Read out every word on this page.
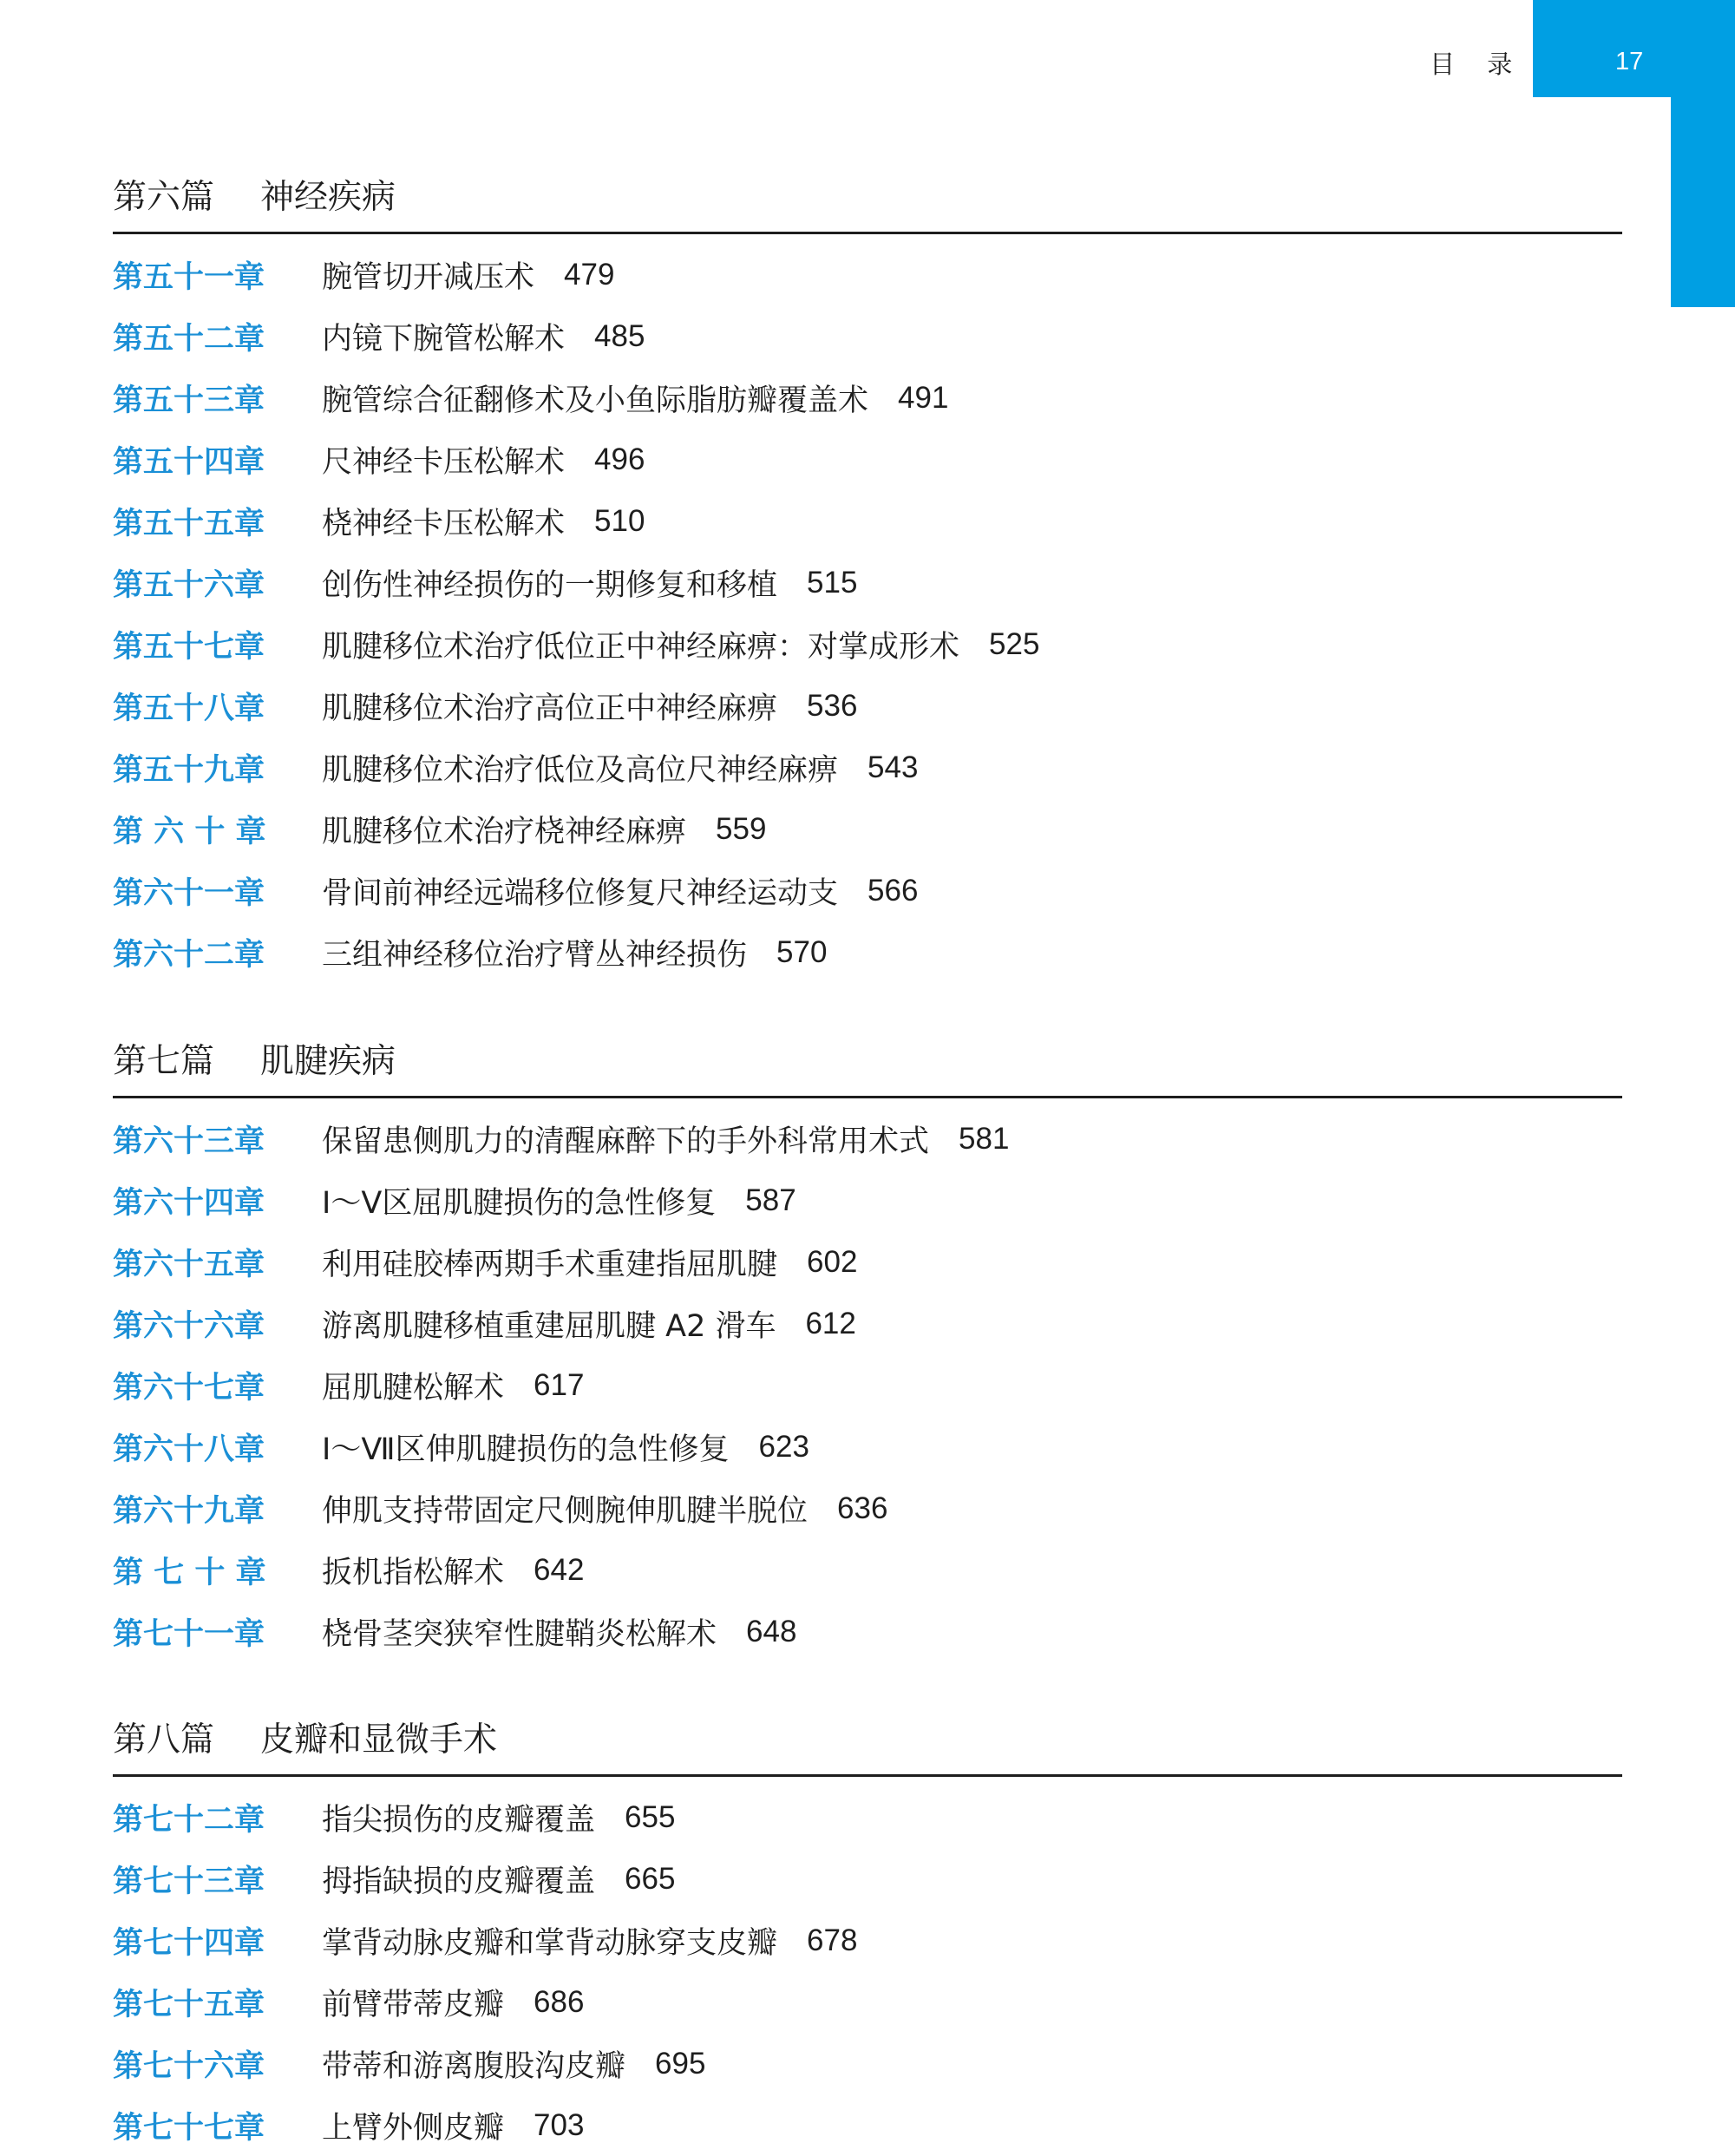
目 录	17
第六篇 神经疾病
第五十一章	腕管切开减压术 479
第五十二章	内镜下腕管松解术 485
第五十三章	腕管综合征翻修术及小鱼际脂肪瓣覆盖术 491
第五十四章	尺神经卡压松解术 496
第五十五章	桡神经卡压松解术 510
第五十六章	创伤性神经损伤的一期修复和移植 515
第五十七章	肌腱移位术治疗低位正中神经麻痹：对掌成形术 525
第五十八章	肌腱移位术治疗高位正中神经麻痹 536
第五十九章	肌腱移位术治疗低位及高位尺神经麻痹 543
第 六 十 章	肌腱移位术治疗桡神经麻痹 559
第六十一章	骨间前神经远端移位修复尺神经运动支 566
第六十二章	三组神经移位治疗臂丛神经损伤 570
第七篇 肌腱疾病
第六十三章	保留患侧肌力的清醒麻醉下的手外科常用术式 581
第六十四章	Ⅰ～Ⅴ区屈肌腱损伤的急性修复 587
第六十五章	利用硅胶棒两期手术重建指屈肌腱 602
第六十六章	游离肌腱移植重建屈肌腱 A2 滑车 612
第六十七章	屈肌腱松解术 617
第六十八章	Ⅰ～Ⅶ区伸肌腱损伤的急性修复 623
第六十九章	伸肌支持带固定尺侧腕伸肌腱半脱位 636
第 七 十 章	扳机指松解术 642
第七十一章	桡骨茎突狭窄性腱鞘炎松解术 648
第八篇 皮瓣和显微手术
第七十二章	指尖损伤的皮瓣覆盖 655
第七十三章	拇指缺损的皮瓣覆盖 665
第七十四章	掌背动脉皮瓣和掌背动脉穿支皮瓣 678
第七十五章	前臂带蒂皮瓣 686
第七十六章	带蒂和游离腹股沟皮瓣 695
第七十七章	上臂外侧皮瓣 703
